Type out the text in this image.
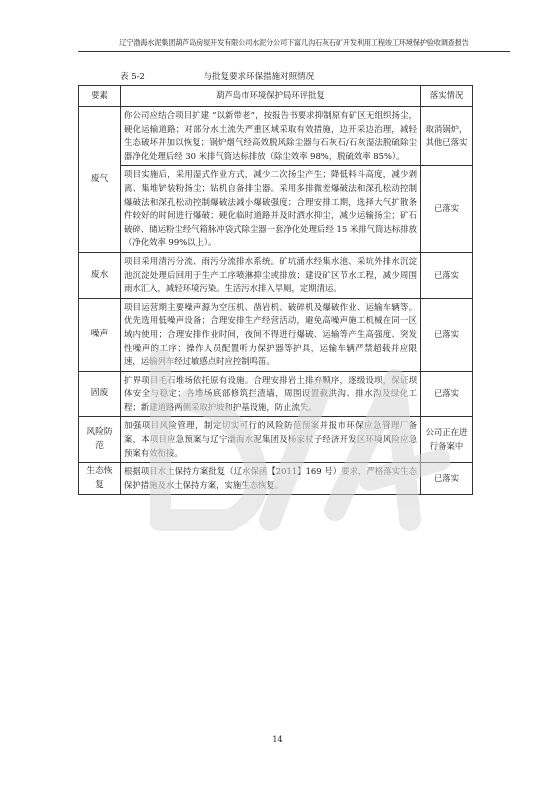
辽宁渤海水泥集团葫芦岛房屋开发有限公司水泥分公司下富几沟石灰石矿开发利用工程竣工环境保护验收调查报告
表 5-2	与批复要求环保措施对照情况
要素	葫芦岛市环境保护局环评批复	落实情况
废气	你公司应结合项目扩建 “以新带老”，按报告书要求抑制原有矿区无组织扬尘，硬化运输道路；对部分水土流失严重区域采取有效措施，边开采边治理，减轻生态破坏并加以恢复；锅炉烟气经高效脱风除尘器与石灰石/石灰湿法脱硫除尘器净化处理后经 30 米排气筒达标排放（除尘效率 98%，脱硫效率 85%）。	取消锅炉，其他已落实
	项目实施后，采用湿式作业方式，减少二次扬尘产生；降低料斗高度，减少剥离、集堆铲装粉扬尘；钻机自备排尘器。采用多排微差爆破法和深孔松动控制爆破法和深孔松动控制爆破法减小爆破强度；合理安排工期，选择大气扩散条件较好的时间进行爆破；硬化临时道路并及时洒水抑尘，减少运输扬尘；矿石破碎、储运粉尘经气箱脉冲袋式除尘器一套净化处理后经 15 米排气筒达标排放（净化效率 99%以上）。	已落实
废水	项目采用清污分流、雨污分流排水系统。矿坑涌水经集水池、采坑外排水沉淀池沉淀处理后回用于生产工序喷淋抑尘或排放；建设矿区节水工程，减少周围雨水汇入，减轻环境污染。生活污水排入旱厕，定期清运。	已落实
噪声	项目运营期主要噪声源为空压机、凿岩机、破碎机及爆破作业、运输车辆等。优先选用低噪声设备；合理安排生产经营活动，避免高噪声施工机械在同一区域内使用；合理安排作业时间，夜间不得进行爆破、运输等产生高强度、突发性噪声的工序；操作人员配置听力保护器等护具，运输车辆严禁超载并应限速，运输列车经过敏感点时应控制鸣笛。	已落实
固废	扩界项目毛石堆场依托原有设施。合理安排岩土排弃顺序，逐级设坝，保证坝体安全与稳定；各堆场底部修筑拦渣墙，周围设置截洪沟、排水沟及绿化工程；新建道路两侧采取护坡和护基设施，防止流失。	已落实
风险防范	加强项目风险管理，制定切实可行的风险防范预案并报市环保应急管理厂备案，本项目应急预案与辽宁渤海水泥集团及杨家杖子经济开发区环境风险应急预案有效衔接。	公司正在进行备案中
生态恢复	根据项目水土保持方案批复（辽水保函【2011】169 号）要求，严格落实生态保护措施及水土保持方案，实施生态恢复。	已落实
14
